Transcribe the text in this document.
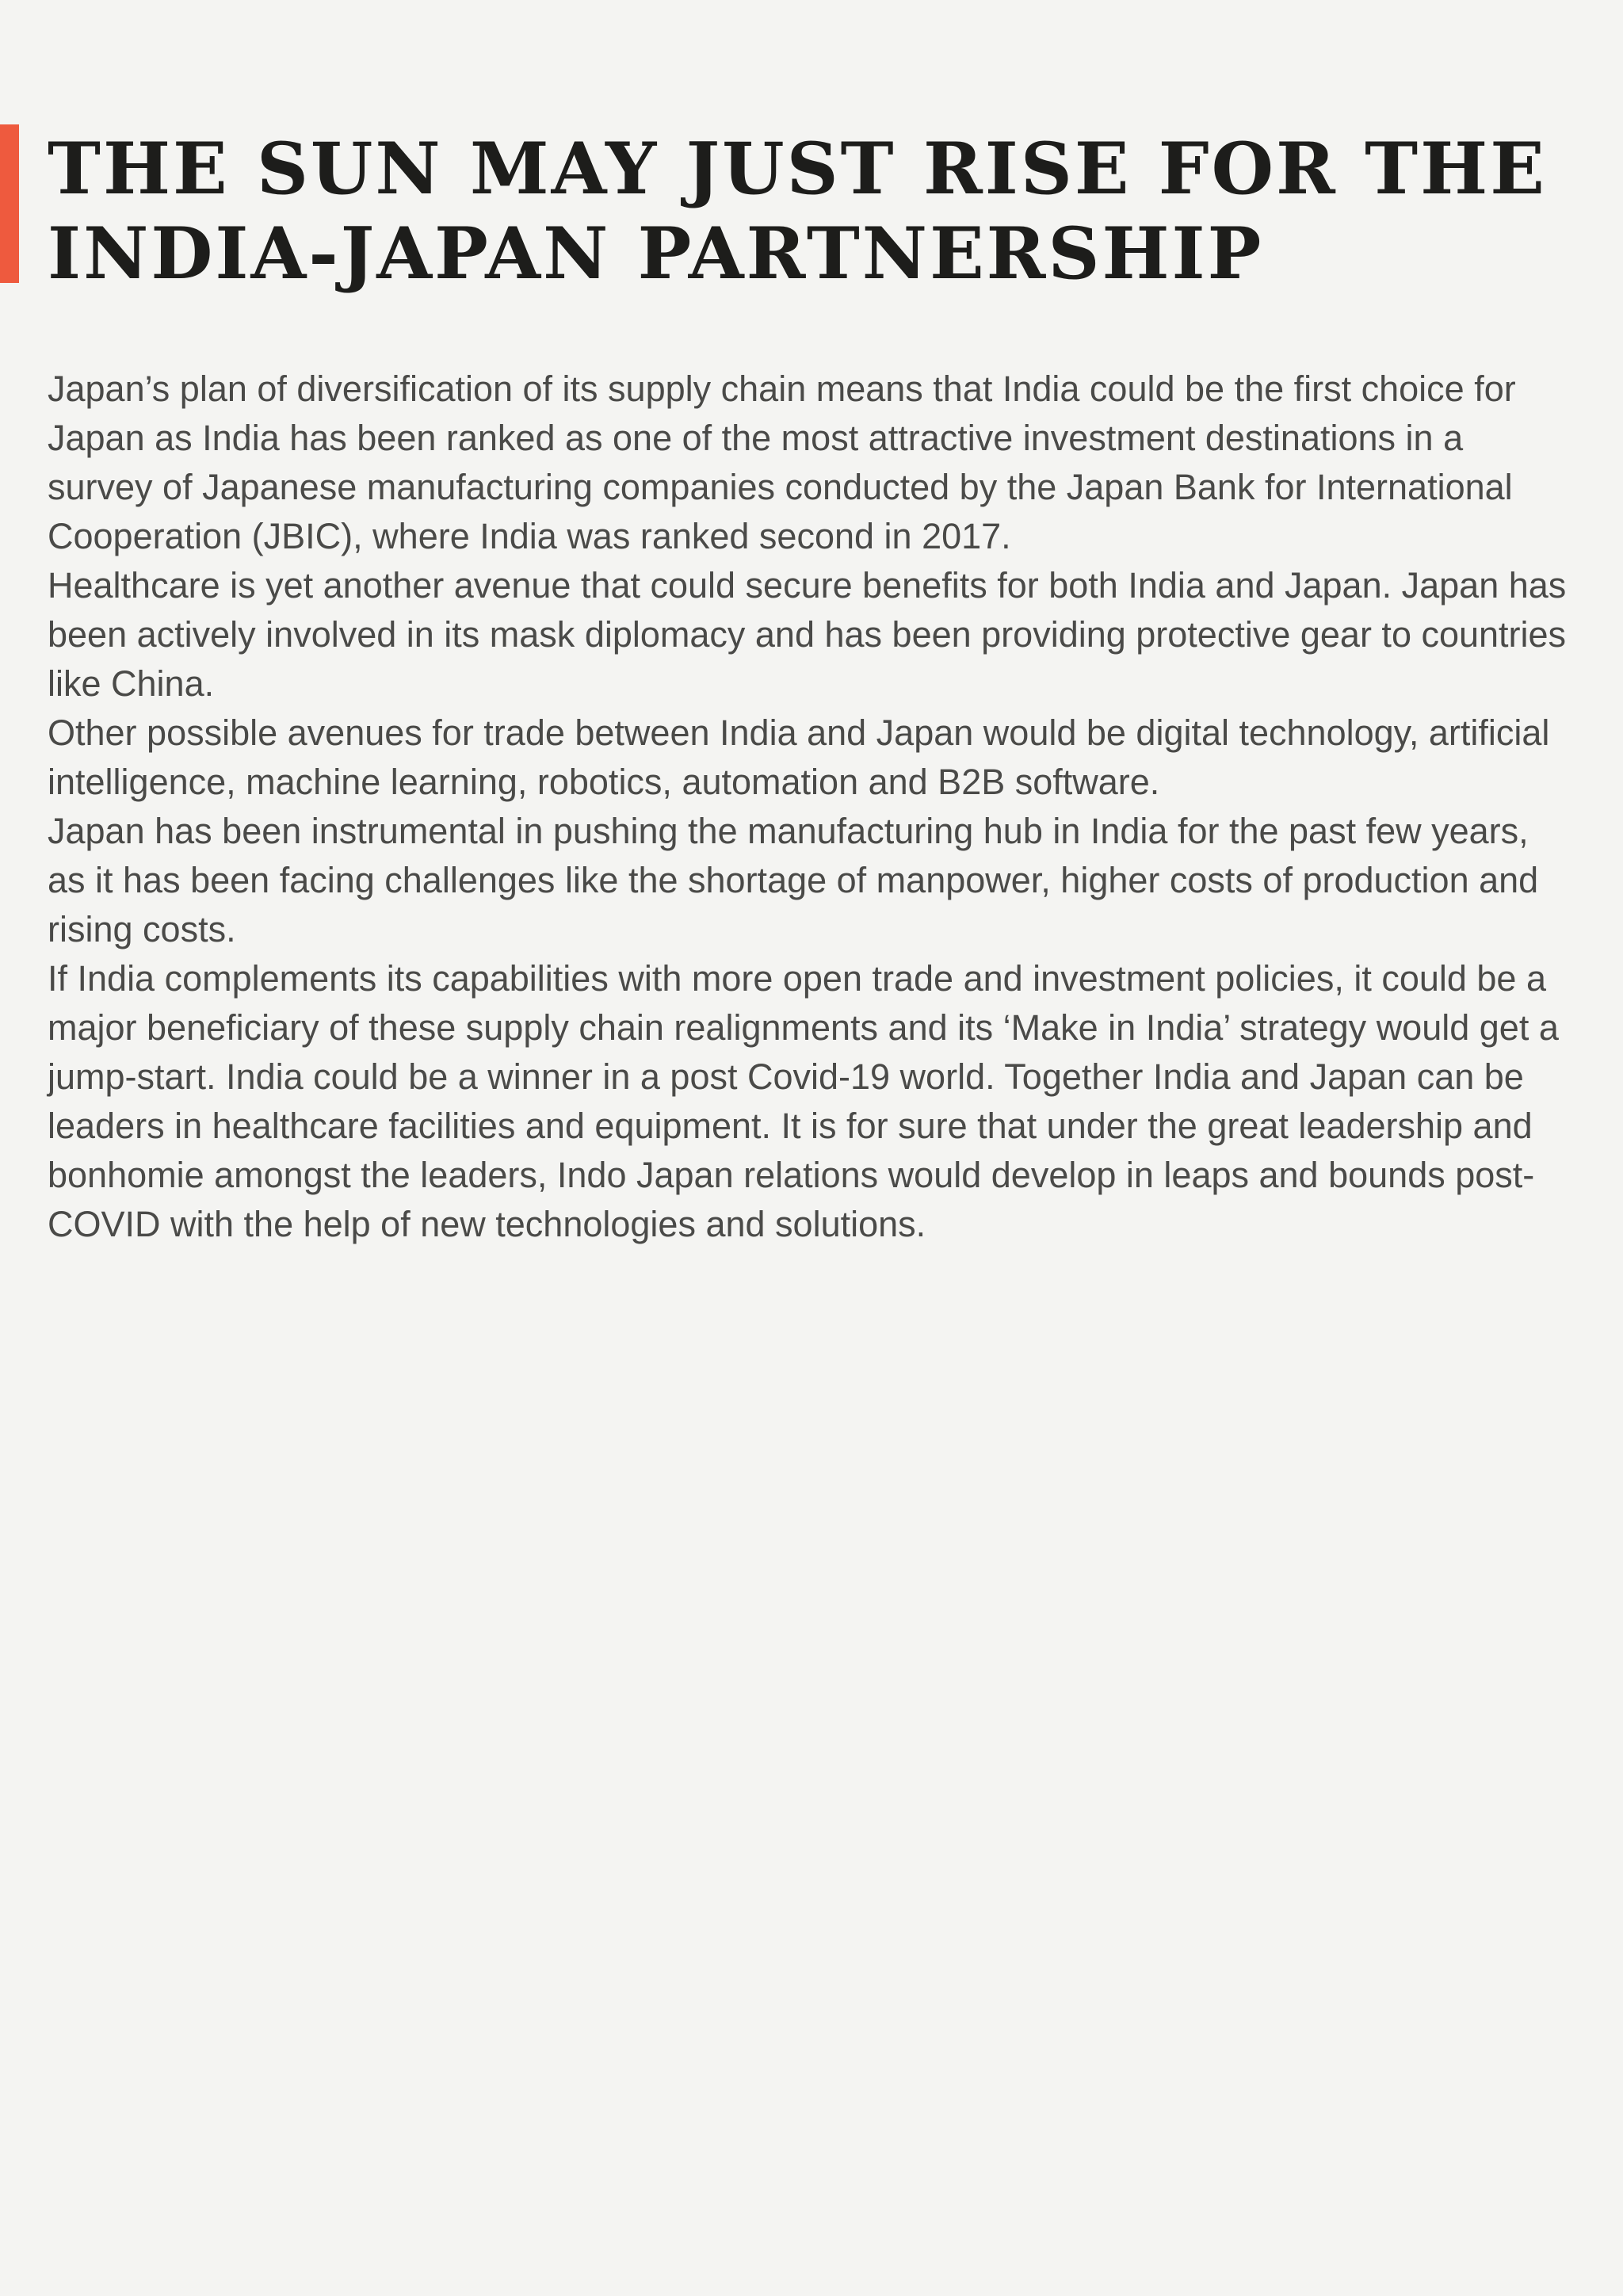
THE SUN MAY JUST RISE FOR THE
INDIA-JAPAN PARTNERSHIP

Japan’s plan of diversification of its supply chain means that India could be the first choice for Japan as India has been ranked as one of the most attractive investment destinations in a survey of Japanese manufacturing companies conducted by the Japan Bank for International Cooperation (JBIC), where India was ranked second in 2017.

Healthcare is yet another avenue that could secure benefits for both India and Japan. Japan has been actively involved in its mask diplomacy and has been providing protective gear to countries like China.

Other possible avenues for trade between India and Japan would be digital technology, artificial intelligence, machine learning, robotics, automation and B2B software.

Japan has been instrumental in pushing the manufacturing hub in India for the past few years, as it has been facing challenges like the shortage of manpower, higher costs of production and rising costs.

If India complements its capabilities with more open trade and investment policies, it could be a major beneficiary of these supply chain realignments and its ‘Make in India’ strategy would get a jump-start. India could be a winner in a post Covid-19 world. Together India and Japan can be leaders in healthcare facilities and equipment. It is for sure that under the great leadership and bonhomie amongst the leaders, Indo Japan relations would develop in leaps and bounds post-COVID with the help of new technologies and solutions.
